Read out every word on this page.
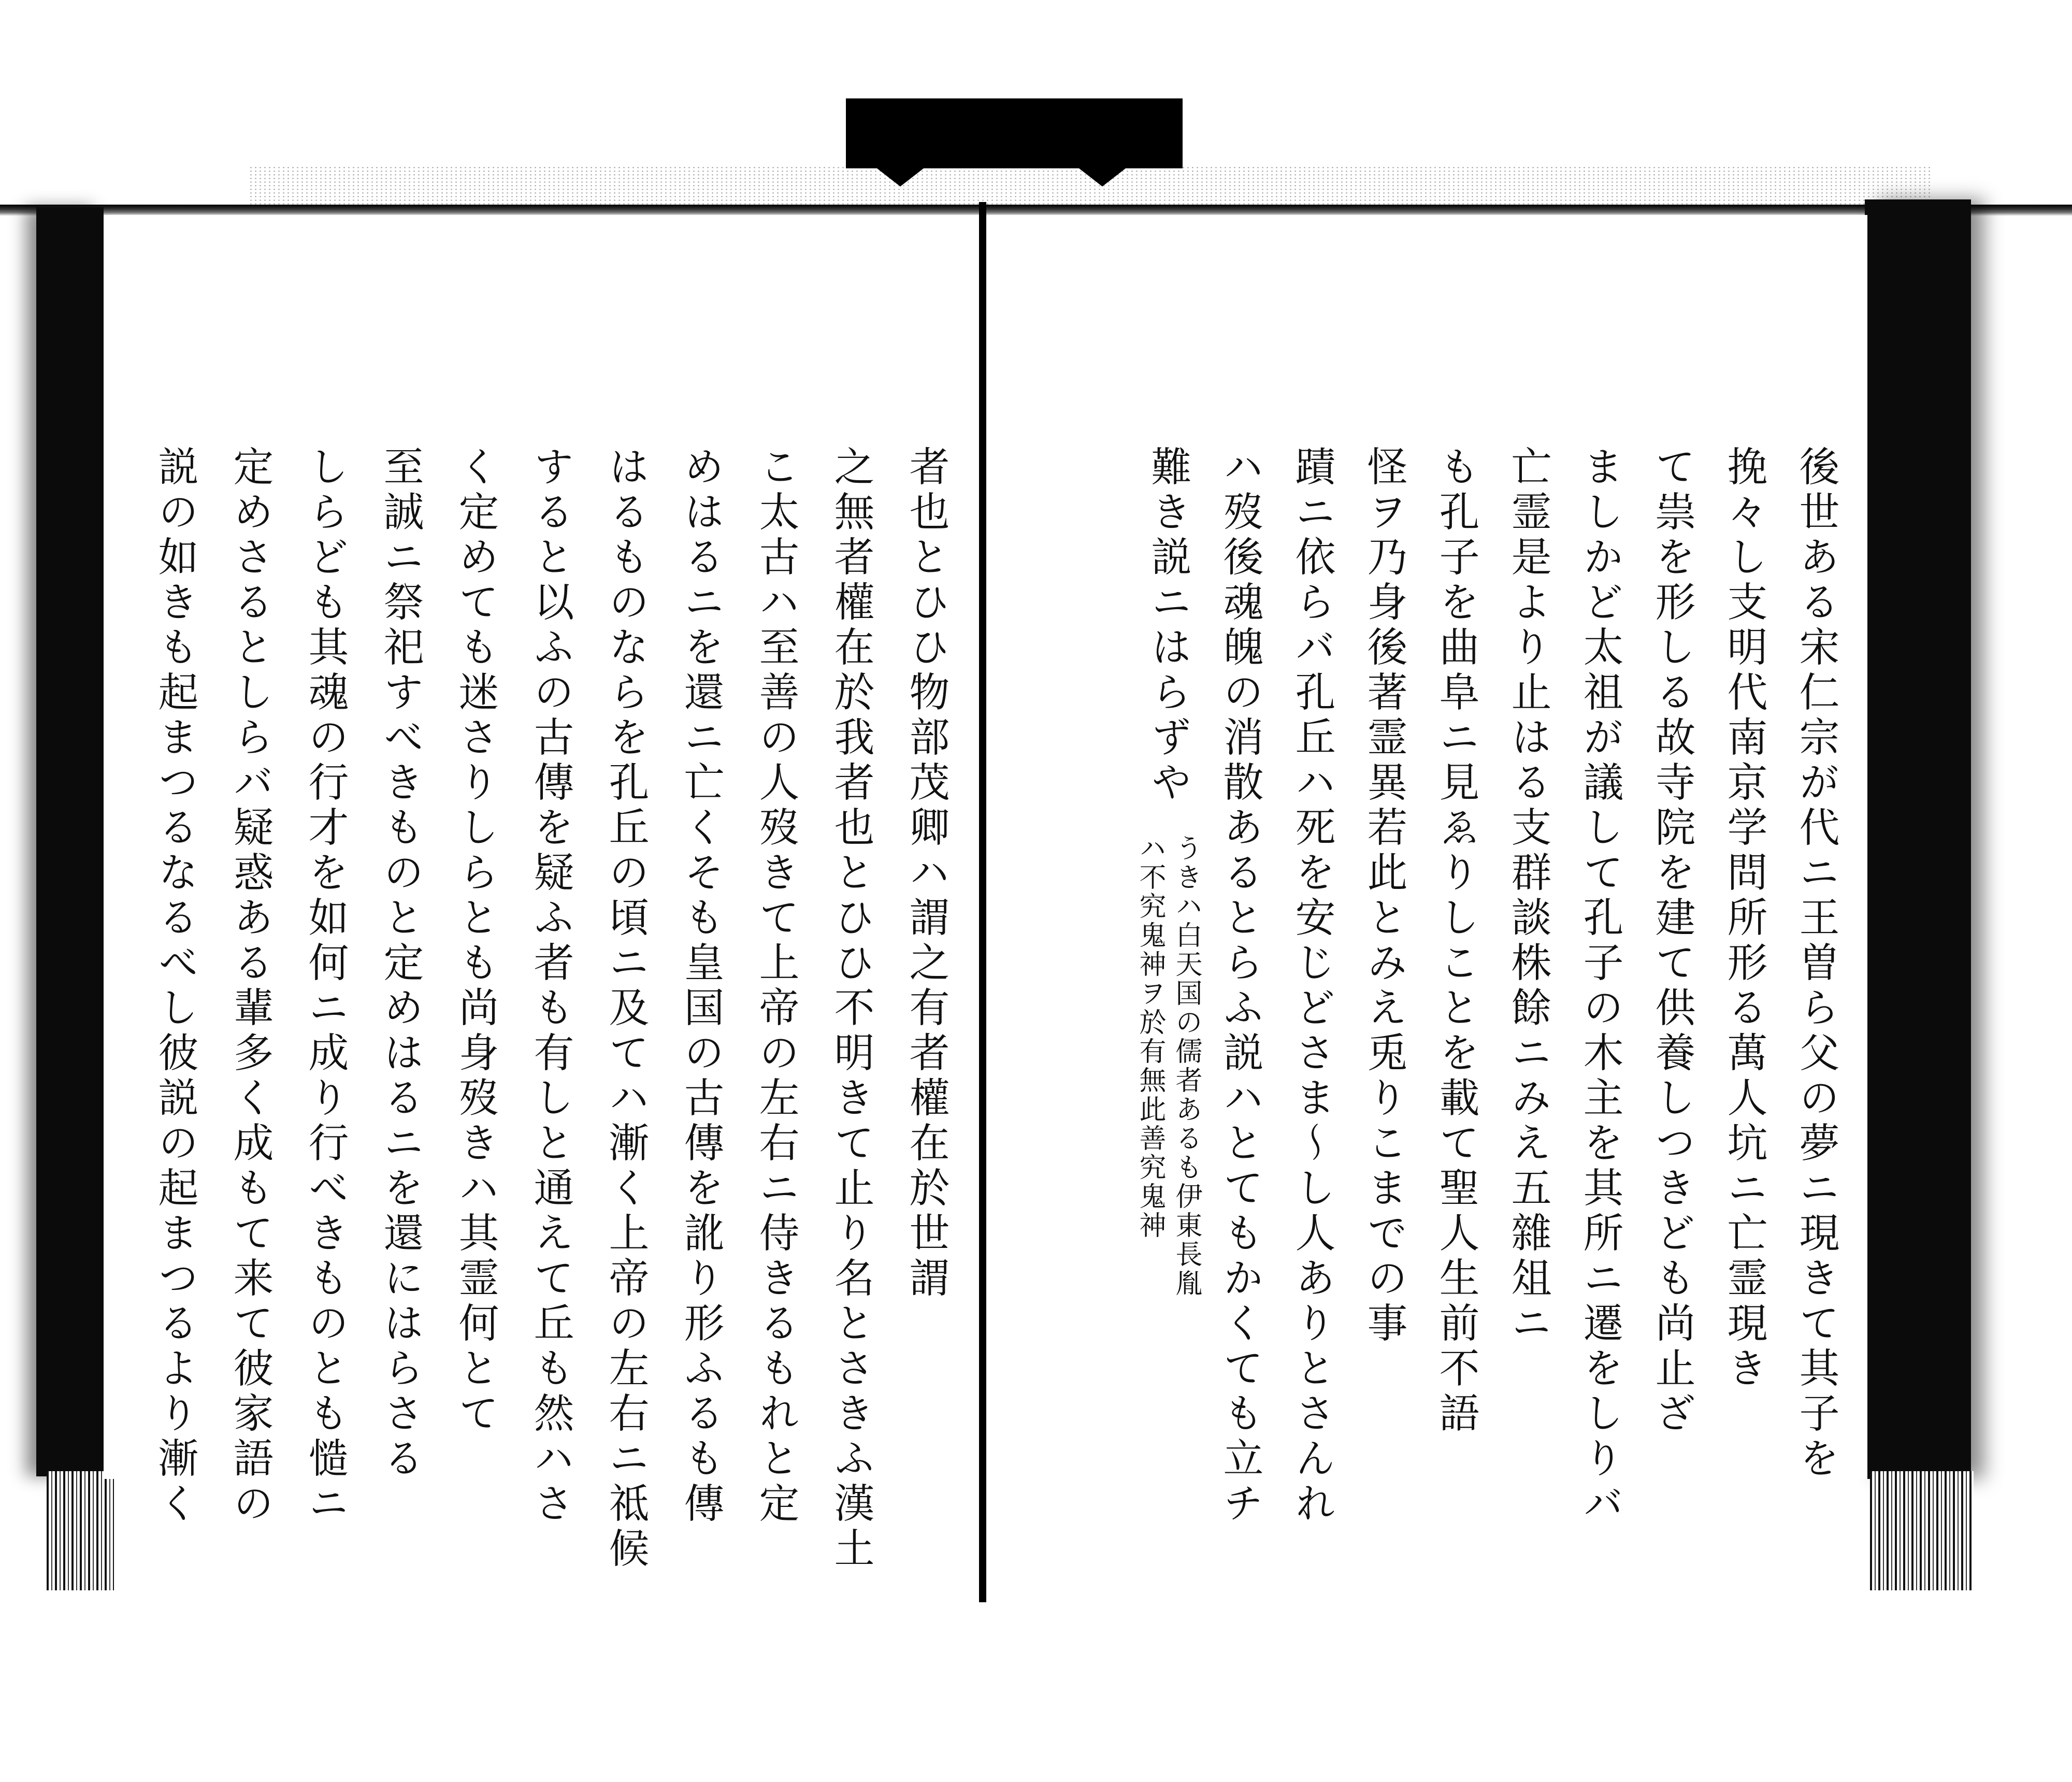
後世ある宋仁宗が代ニ王曽ら父の夢ニ現きて其子を
挽々し支明代南京学問所形る萬人坑ニ亡霊現き
て祟を形しる故寺院を建て供養しつきども尚止ざ
ましかど太祖が議して孔子の木主を其所ニ遷をしりバ
亡霊是より止はる支群談株餘ニみえ五雜俎ニ
も孔子を曲阜ニ見ゑりしことを載て聖人生前不語
怪ヲ乃身後著霊異若此とみえ兎りこまでの事
蹟ニ依らバ孔丘ハ死を安じどさま～し人ありとさんれ
ハ歿後魂魄の消散あるとらふ説ハとてもかくても立チ
難き説ニはらずや
うきハ白天国の儒者あるも伊東長胤
ハ不究鬼神ヲ於有無此善究鬼神
者也とひひ物部茂卿ハ謂之有者權在於世謂
之無者權在於我者也とひひ不明きて止り名とさきふ漢土
こ太古ハ至善の人歿きて上帝の左右ニ侍きるもれと定
めはるニを還ニ亡くそも皇国の古傳を訛り形ふるも傳
はるものならを孔丘の頃ニ及てハ漸く上帝の左右ニ祗候
すると以ふの古傳を疑ふ者も有しと通えて丘も然ハさ
く定めても迷さりしらとも尚身歿きハ其霊何とて
至誠ニ祭祀すべきものと定めはるニを還にはらさる
しらども其魂の行才を如何ニ成り行べきものとも慥ニ
定めさるとしらバ疑惑ある輩多く成もて来て彼家語の
説の如きも起まつるなるべし彼説の起まつるより漸く
